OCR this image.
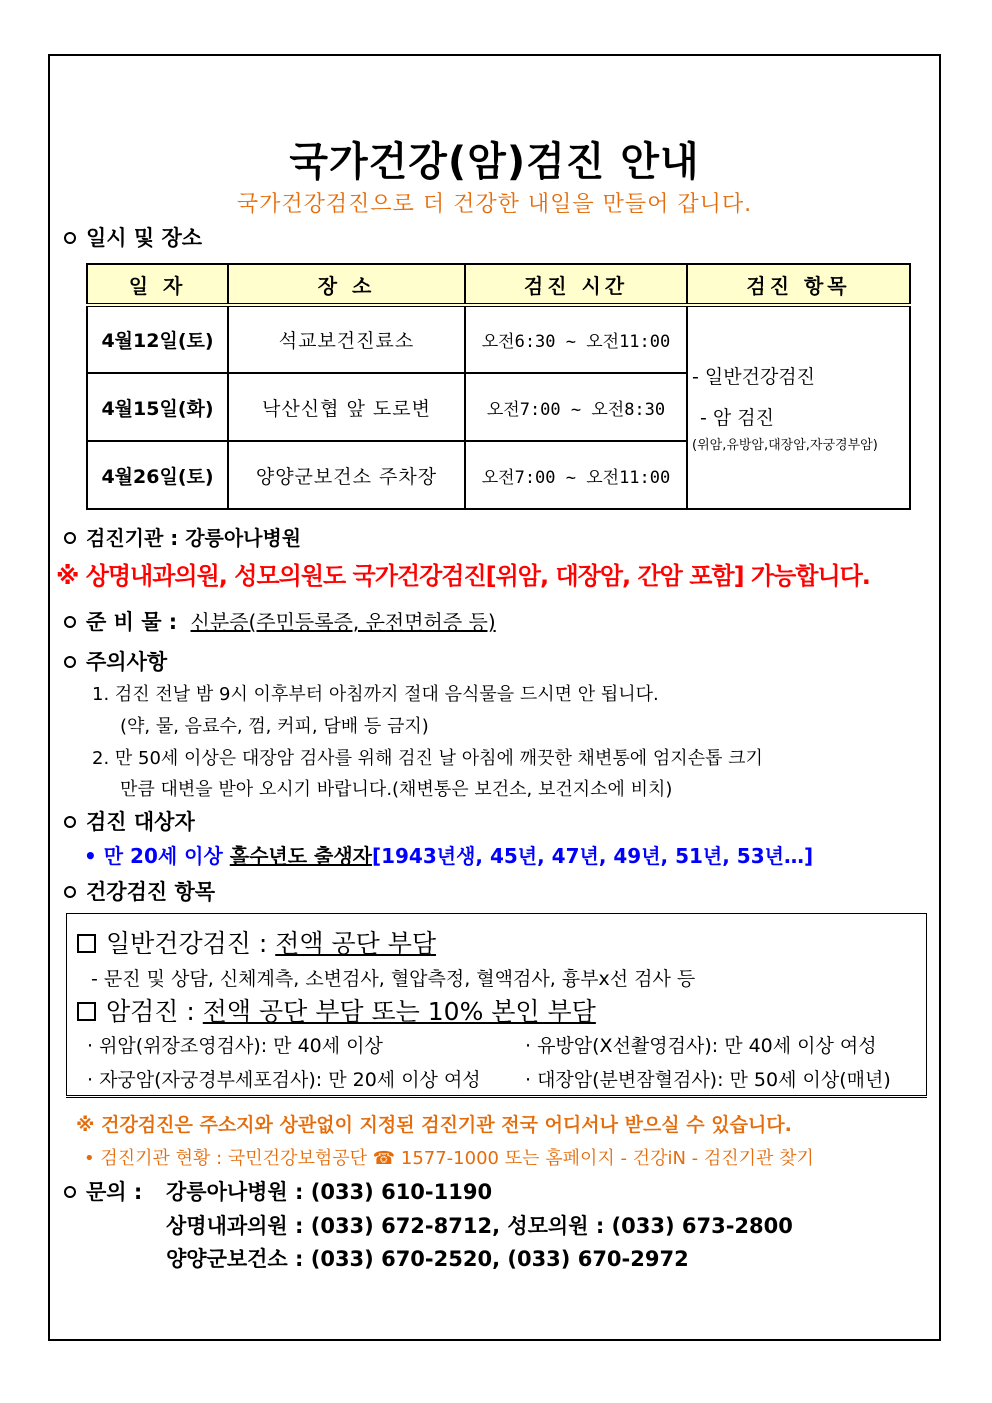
국가건강(암)검진 안내
국가건강검진으로 더 건강한 내일을 만들어 갑니다.
일시 및 장소
일 자	장 소	검진 시간	검진 항목
4월12일(토)	석교보건진료소	오전6:30 ~ 오전11:00	- 일반건강검진
- 암 검진
(위암,유방암,대장암,자궁경부암)

4월15일(화)	낙산신협 앞 도로변	오전7:00 ~ 오전8:30	
4월26일(토)	양양군보건소 주차장	오전7:00 ~ 오전11:00	
검진기관 : 강릉아나병원
※ 상명내과의원, 성모의원도 국가건강검진[위암, 대장암, 간암 포함] 가능합니다.
준 비 물 : 신분증(주민등록증, 운전면허증 등)
주의사항
1. 검진 전날 밤 9시 이후부터 아침까지 절대 음식물을 드시면 안 됩니다.
(약, 물, 음료수, 껌, 커피, 담배 등 금지)
2. 만 50세 이상은 대장암 검사를 위해 검진 날 아침에 깨끗한 채변통에 엄지손톱 크기
만큼 대변을 받아 오시기 바랍니다.(채변통은 보건소, 보건지소에 비치)
검진 대상자
• 만 20세 이상 홀수년도 출생자[1943년생, 45년, 47년, 49년, 51년, 53년…]
건강검진 항목
일반건강검진 : 전액 공단 부담
- 문진 및 상담, 신체계측, 소변검사, 혈압측정, 혈액검사, 흉부x선 검사 등
암검진 : 전액 공단 부담 또는 10% 본인 부담
· 위암(위장조영검사): 만 40세 이상	· 유방암(X선촬영검사): 만 40세 이상 여성
· 자궁암(자궁경부세포검사): 만 20세 이상 여성 · 대장암(분변잠혈검사): 만 50세 이상(매년)
※ 건강검진은 주소지와 상관없이 지정된 검진기관 전국 어디서나 받으실 수 있습니다.
• 검진기관 현황 : 국민건강보험공단 ☎ 1577-1000 또는 홈페이지 - 건강iN - 검진기관 찾기
문의 : 강릉아나병원 : (033) 610-1190
상명내과의원 : (033) 672-8712, 성모의원 : (033) 673-2800
양양군보건소 : (033) 670-2520, (033) 670-2972
